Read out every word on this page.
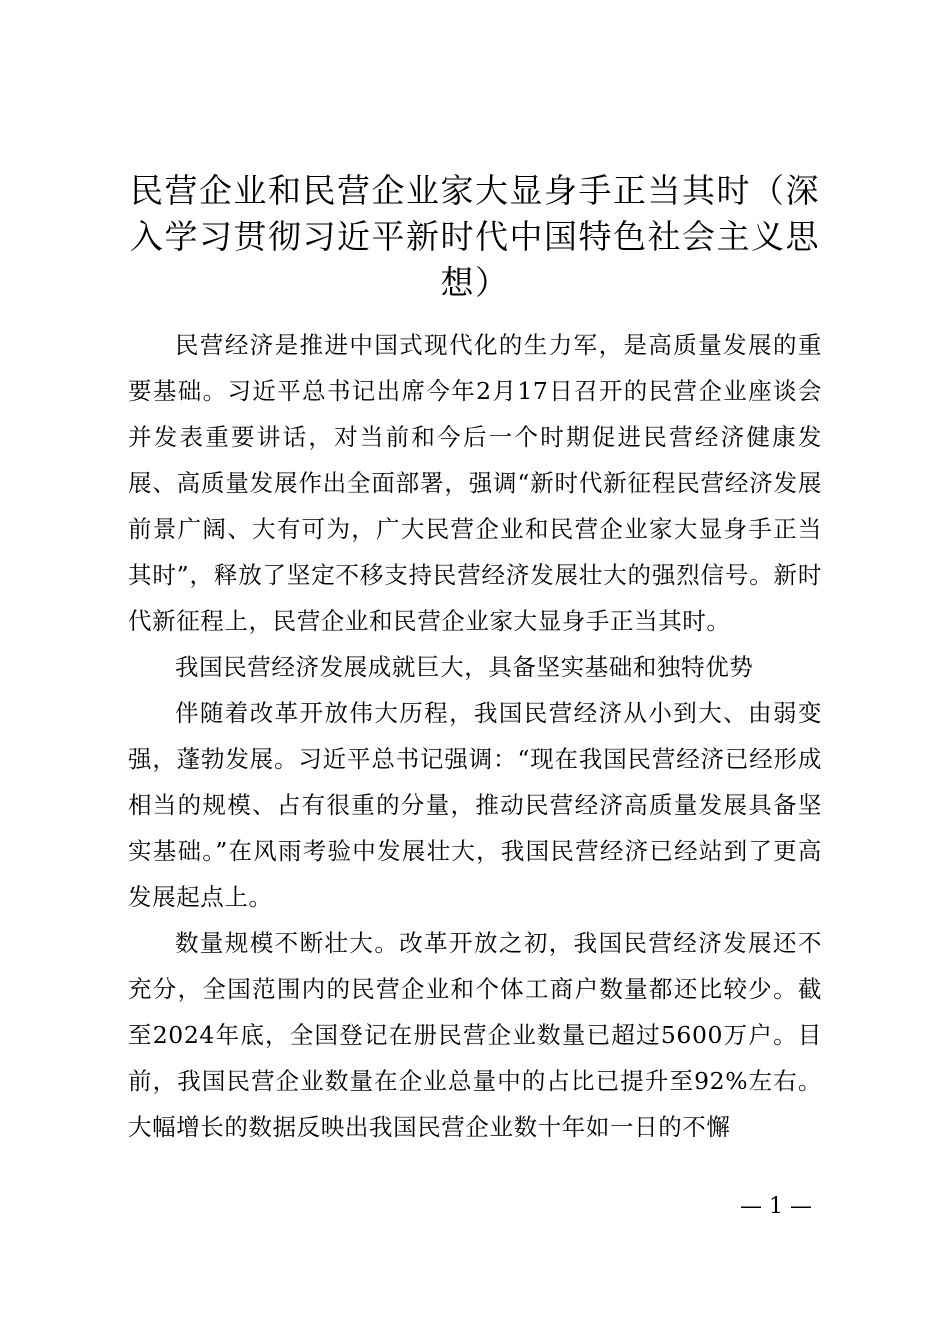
民营企业和民营企业家大显身手正当其时（深入学习贯彻习近平新时代中国特色社会主义思想）

民营经济是推进中国式现代化的生力军，是高质量发展的重要基础。习近平总书记出席今年2月17日召开的民营企业座谈会并发表重要讲话，对当前和今后一个时期促进民营经济健康发展、高质量发展作出全面部署，强调“新时代新征程民营经济发展前景广阔、大有可为，广大民营企业和民营企业家大显身手正当其时”，释放了坚定不移支持民营经济发展壮大的强烈信号。新时代新征程上，民营企业和民营企业家大显身手正当其时。

我国民营经济发展成就巨大，具备坚实基础和独特优势

伴随着改革开放伟大历程，我国民营经济从小到大、由弱变强，蓬勃发展。习近平总书记强调：“现在我国民营经济已经形成相当的规模、占有很重的分量，推动民营经济高质量发展具备坚实基础。”在风雨考验中发展壮大，我国民营经济已经站到了更高发展起点上。

数量规模不断壮大。改革开放之初，我国民营经济发展还不充分，全国范围内的民营企业和个体工商户数量都还比较少。截至2024年底，全国登记在册民营企业数量已超过5600万户。目前，我国民营企业数量在企业总量中的占比已提升至92%左右。大幅增长的数据反映出我国民营企业数十年如一日的不懈

— 1 —
